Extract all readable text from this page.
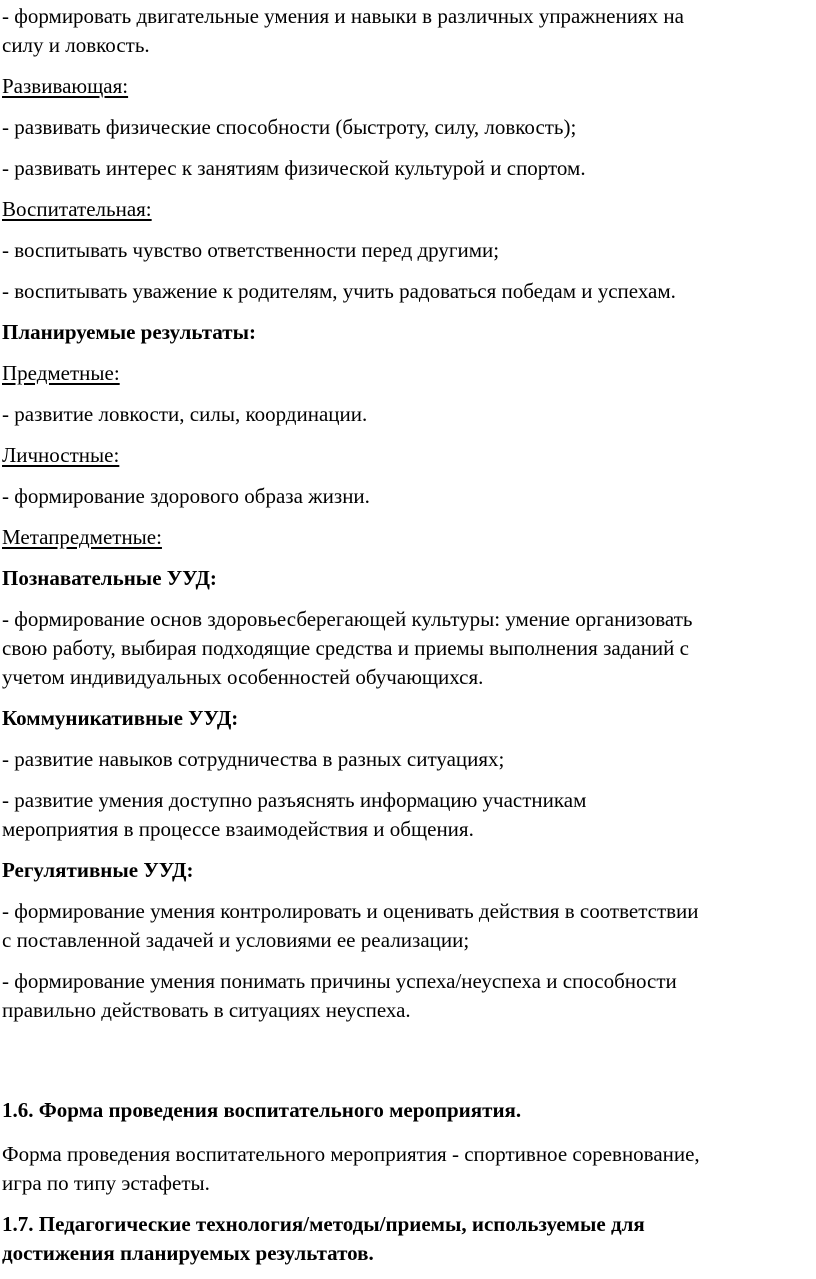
- формировать двигательные умения и навыки в различных упражнениях на

силу и ловкость.

Развивающая:

- развивать физические способности (быстроту, силу, ловкость);

- развивать интерес к занятиям физической культурой и спортом.

Воспитательная:

- воспитывать чувство ответственности перед другими;

- воспитывать уважение к родителям, учить радоваться победам и успехам.

Планируемые результаты:

Предметные:

- развитие ловкости, силы, координации.

Личностные:

- формирование здорового образа жизни.

Метапредметные:

Познавательные УУД:

- формирование основ здоровьесберегающей культуры: умение организовать

свою работу, выбирая подходящие средства и приемы выполнения заданий с

учетом индивидуальных особенностей обучающихся.

Коммуникативные УУД:

- развитие навыков сотрудничества в разных ситуациях;

- развитие умения доступно разъяснять информацию участникам

мероприятия в процессе взаимодействия и общения.

Регулятивные УУД:

- формирование умения контролировать и оценивать действия в соответствии

с поставленной задачей и условиями ее реализации;

- формирование умения понимать причины успеха/неуспеха и способности

правильно действовать в ситуациях неуспеха.

1.6. Форма проведения воспитательного мероприятия.

Форма проведения воспитательного мероприятия - спортивное соревнование,

игра по типу эстафеты.

1.7. Педагогические технология/методы/приемы, используемые для

достижения планируемых результатов.
